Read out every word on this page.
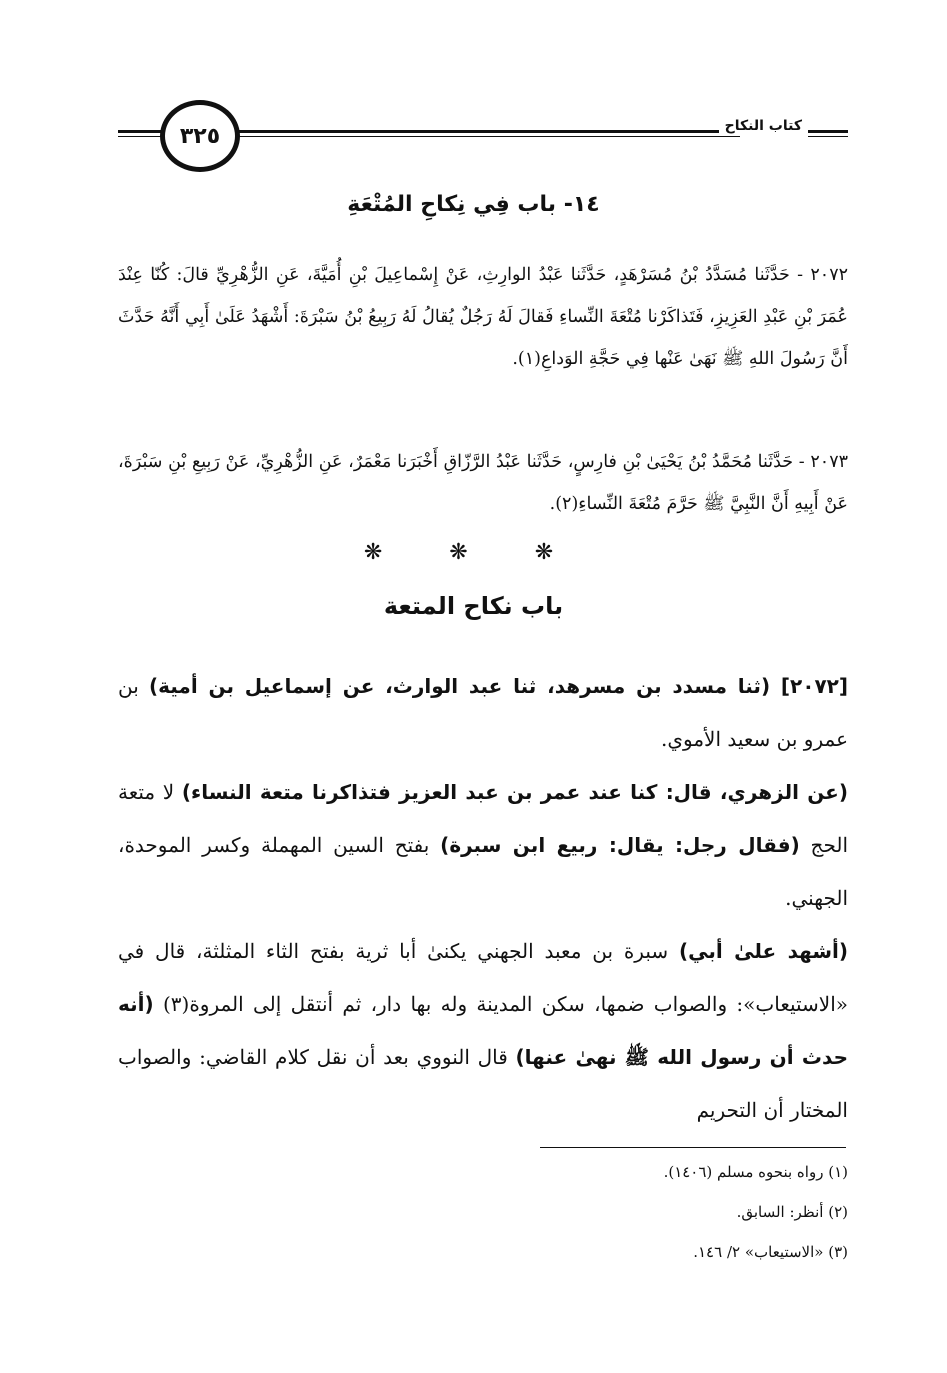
٣٢٥	كتاب النكاح
١٤- باب فِي نِكاحِ المُتْعَةِ
٢٠٧٢ - حَدَّثَنا مُسَدَّدُ بْنُ مُسَرْهَدٍ، حَدَّثَنا عَبْدُ الوارِثِ، عَنْ إِسْماعِيلَ بْنِ أُمَيَّةَ، عَنِ الزُّهْرِيِّ قالَ: كُنّا عِنْدَ عُمَرَ بْنِ عَبْدِ العَزِيزِ، فَتَذاكَرْنا مُتْعَةَ النِّساءِ فَقالَ لَهُ رَجُلٌ يُقالُ لَهُ رَبِيعُ بْنُ سَبْرَةَ: أَشْهَدُ عَلَىٰ أَبِي أَنَّهُ حَدَّثَ أَنَّ رَسُولَ اللهِ ﷺ نَهَىٰ عَنْها فِي حَجَّةِ الوَداعِ(١).
٢٠٧٣ - حَدَّثَنا مُحَمَّدُ بْنُ يَحْيَىٰ بْنِ فارِسٍ، حَدَّثَنا عَبْدُ الرَّزّاقِ أَخْبَرَنا مَعْمَرٌ، عَنِ الزُّهْرِيِّ، عَنْ رَبِيعِ بْنِ سَبْرَةَ، عَنْ أَبِيهِ أَنَّ النَّبِيَّ ﷺ حَرَّمَ مُتْعَةَ النِّساءِ(٢).
❋ ❋ ❋
باب نكاح المتعة

[٢٠٧٢] (ثنا مسدد بن مسرهد، ثنا عبد الوارث، عن إسماعيل بن أمية) بن عمرو بن سعيد الأموي.

(عن الزهري، قال: كنا عند عمر بن عبد العزيز فتذاكرنا متعة النساء) لا متعة الحج (فقال رجل: يقال: ربيع ابن سبرة) بفتح السين المهملة وكسر الموحدة، الجهني.

(أشهد علىٰ أبي) سبرة بن معبد الجهني يكنىٰ أبا ثرية بفتح الثاء المثلثة، قال في «الاستيعاب»: والصواب ضمها، سكن المدينة وله بها دار، ثم أنتقل إلى المروة(٣) (أنه حدث أن رسول الله ﷺ نهىٰ عنها) قال النووي بعد أن نقل كلام القاضي: والصواب المختار أن التحريم

(١) رواه بنحوه مسلم (١٤٠٦).
(٢) أنظر: السابق.
(٣) «الاستيعاب» ٢/ ١٤٦.
